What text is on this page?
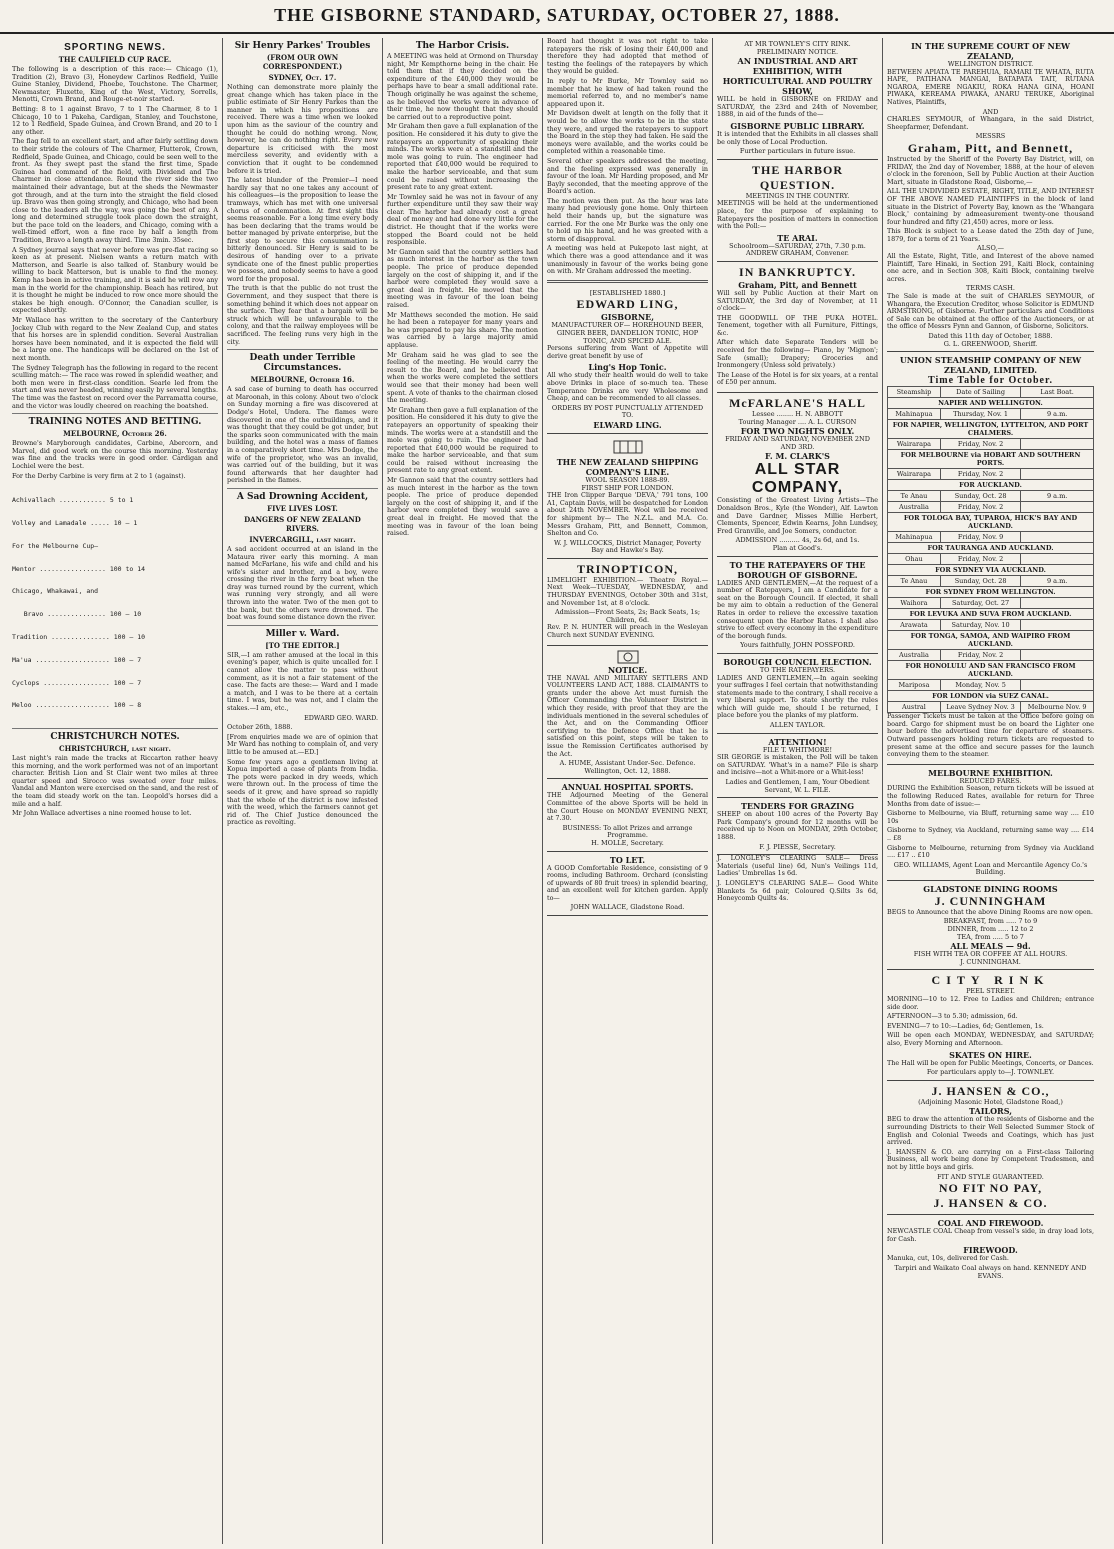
THE GISBORNE STANDARD, SATURDAY, OCTOBER 27, 1888.
SPORTING NEWS.
THE CAULFIELD CUP RACE.

The following is a description of this race:— Chicago (1), Tradition (2), Bravo (3), Honeydew Carlinos Redfield, Yuille Guine Stanley, Dividend, Phoebe, Touchstone. The Charmer, Newmaster, Fluxette, King of the West, Victory, Sorrells, Menotti, Crown Brand, and Rouge-et-noir started.

Betting: 8 to 1 against Bravo, 7 to 1 The Charmer, 8 to 1 Chicago, 10 to 1 Pakeha, Cardigan, Stanley, and Touchstone, 12 to 1 Redfield, Spade Guinea, and Crown Brand, and 20 to 1 any other.

The flag fell to an excellent start, and after fairly settling down to their stride the colours of The Charmer, Flutterok, Crown, Redfield, Spade Guinea, and Chicago, could be seen well to the front. As they swept past the stand the first time, Spade Guinea had command of the field, with Dividend and The Charmer in close attendance. Round the river side the two maintained their advantage, but at the sheds the Newmaster got through, and at the turn into the straight the field closed up. Bravo was then going strongly, and Chicago, who had been close to the leaders all the way, was going the best of any. A long and determined struggle took place down the straight, but the pace told on the leaders, and Chicago, coming with a well-timed effort, won a fine race by half a length from Tradition, Bravo a length away third. Time 3min. 35sec.

A Sydney journal says that never before was pre-flat racing so keen as at present. Nielsen wants a return match with Matterson, and Searle is also talked of. Stanbury would be willing to back Matterson, but is unable to find the money. Kemp has been in active training, and it is said he will row any man in the world for the championship. Beach has retired, but it is thought he might be induced to row once more should the stakes be high enough. O'Connor, the Canadian sculler, is expected shortly.

Mr Wallace has written to the secretary of the Canterbury Jockey Club with regard to the New Zealand Cup, and states that his horses are in splendid condition. Several Australian horses have been nominated, and it is expected the field will be a large one. The handicaps will be declared on the 1st of next month.

The Sydney Telegraph has the following in regard to the recent sculling match:— The race was rowed in splendid weather, and both men were in first-class condition. Searle led from the start and was never headed, winning easily by several lengths. The time was the fastest on record over the Parramatta course, and the victor was loudly cheered on reaching the boatshed.

TRAINING NOTES AND BETTING.
MELBOURNE, October 26.

Browne's Maryborough candidates, Carbine, Abercorn, and Marvel, did good work on the course this morning. Yesterday was fine and the tracks were in good order. Cardigan and Lochiel were the best.

For the Derby Carbine is very firm at 2 to 1 (against).

Achivallach ............ 5 to 1

Volley and Lamadale ..... 10 — 1

For the Melbourne Cup—

Mentor ................. 100 to 14

Chicago, Whakawai, and

Bravo ............... 100 — 10

Tradition ............... 100 — 10

Ma'ua ................... 100 — 7

Cyclops ................. 100 — 7

Meloo ................... 100 — 8

CHRISTCHURCH NOTES.
CHRISTCHURCH, last night.

Last night's rain made the tracks at Riccarton rather heavy this morning, and the work performed was not of an important character. British Lion and St Clair went two miles at three quarter speed and Sirocco was sweated over four miles. Vandal and Manton were exercised on the sand, and the rest of the team did steady work on the tan. Leopold's horses did a mile and a half.

Mr John Wallace advertises a nine roomed house to let.

Sir Henry Parkes' Troubles
(FROM OUR OWN CORRESPONDENT.)
SYDNEY, Oct. 17.

Nothing can demonstrate more plainly the great change which has taken place in the public estimate of Sir Henry Parkes than the manner in which his propositions are received. There was a time when we looked upon him as the saviour of the country and thought he could do nothing wrong. Now, however, he can do nothing right. Every new departure is criticised with the most merciless severity, and evidently with a conviction that it ought to be condemned before it is tried.

The latest blunder of the Premier—I need hardly say that no one takes any account of his colleagues—is the proposition to lease the tramways, which has met with one universal chorus of condemnation. At first sight this seems reasonable. For a long time every body has been declaring that the trams would be better managed by private enterprise, but the first step to secure this consummation is bitterly denounced. Sir Henry is said to be desirous of handing over to a private syndicate one of the finest public properties we possess, and nobody seems to have a good word for the proposal.

The truth is that the public do not trust the Government, and they suspect that there is something behind it which does not appear on the surface. They fear that a bargain will be struck which will be unfavourable to the colony, and that the railway employees will be sacrificed. The feeling runs very high in the city.

Death under Terrible Circumstances.
MELBOURNE, October 16.

A sad case of burning to death has occurred at Maroonah, in this colony. About two o'clock on Sunday morning a fire was discovered at Dodge's Hotel, Undera. The flames were discovered in one of the outbuildings, and it was thought that they could be got under, but the sparks soon communicated with the main building, and the hotel was a mass of flames in a comparatively short time. Mrs Dodge, the wife of the proprietor, who was an invalid, was carried out of the building, but it was found afterwards that her daughter had perished in the flames.

A Sad Drowning Accident,
FIVE LIVES LOST.
DANGERS OF NEW ZEALAND RIVERS.
INVERCARGILL, last night.

A sad accident occurred at an island in the Mataura river early this morning. A man named McFarlane, his wife and child and his wife's sister and brother, and a boy, were crossing the river in the ferry boat when the dray was turned round by the current, which was running very strongly, and all were thrown into the water. Two of the men got to the bank, but the others were drowned. The boat was found some distance down the river.

Miller v. Ward.
[TO THE EDITOR.]

SIR,—I am rather amused at the local in this evening's paper, which is quite uncalled for. I cannot allow the matter to pass without comment, as it is not a fair statement of the case. The facts are these:— Ward and I made a match, and I was to be there at a certain time. I was, but he was not, and I claim the stakes.—I am, etc.,

EDWARD GEO. WARD.

October 26th, 1888.

[From enquiries made we are of opinion that Mr Ward has nothing to complain of, and very little to be amused at.—ED.]

Some few years ago a gentleman living at Kopua imported a case of plants from India. The pots were packed in dry weeds, which were thrown out. In the process of time the seeds of it grew, and have spread so rapidly that the whole of the district is now infested with the weed, which the farmers cannot get rid of. The Chief Justice denounced the practice as revolting.

The Harbor Crisis.

A MEETING was held at Ormond on Thursday night, Mr Kempthorne being in the chair. He told them that if they decided on the expenditure of the £40,000 they would be perhaps have to bear a small additional rate. Though originally he was against the scheme, as he believed the works were in advance of their time, he now thought that they should be carried out to a reproductive point.

Mr Graham then gave a full explanation of the position. He considered it his duty to give the ratepayers an opportunity of speaking their minds. The works were at a standstill and the mole was going to ruin. The engineer had reported that £40,000 would be required to make the harbor serviceable, and that sum could be raised without increasing the present rate to any great extent.

Mr Townley said he was not in favour of any further expenditure until they saw their way clear. The harbor had already cost a great deal of money and had done very little for the district. He thought that if the works were stopped the Board could not be held responsible.

Mr Gannon said that the country settlers had as much interest in the harbor as the town people. The price of produce depended largely on the cost of shipping it, and if the harbor were completed they would save a great deal in freight. He moved that the meeting was in favour of the loan being raised.

Mr Matthews seconded the motion. He said he had been a ratepayer for many years and he was prepared to pay his share. The motion was carried by a large majority amid applause.

Mr Graham said he was glad to see the feeling of the meeting. He would carry the result to the Board, and he believed that when the works were completed the settlers would see that their money had been well spent. A vote of thanks to the chairman closed the meeting.

Mr Graham then gave a full explanation of the position. He considered it his duty to give the ratepayers an opportunity of speaking their minds. The works were at a standstill and the mole was going to ruin. The engineer had reported that £40,000 would be required to make the harbor serviceable, and that sum could be raised without increasing the present rate to any great extent.

Mr Gannon said that the country settlers had as much interest in the harbor as the town people. The price of produce depended largely on the cost of shipping it, and if the harbor were completed they would save a great deal in freight. He moved that the meeting was in favour of the loan being raised.

Board had thought it was not right to take ratepayers the risk of losing their £40,000 and therefore they had adopted that method of testing the feelings of the ratepayers by which they would be guided.

In reply to Mr Burke, Mr Townley said no member that he knew of had taken round the memorial referred to, and no member's name appeared upon it.

Mr Davidson dwelt at length on the folly that it would be to allow the works to be in the state they were, and urged the ratepayers to support the Board in the step they had taken. He said the moneys were available, and the works could be completed within a reasonable time.

Several other speakers addressed the meeting, and the feeling expressed was generally in favour of the loan. Mr Harding proposed, and Mr Bayly seconded, that the meeting approve of the Board's action.

The motion was then put. As the hour was late many had previously gone home. Only thirteen held their hands up, but the signature was carried. For the one Mr Burke was the only one to hold up his hand, and he was greeted with a storm of disapproval.

A meeting was held at Pukepoto last night, at which there was a good attendance and it was unanimously in favour of the works being gone on with. Mr Graham addressed the meeting.

[ESTABLISHED 1880.]
EDWARD LING,
GISBORNE,
MANUFACTURER OF— HOREHOUND BEER, GINGER BEER, DANDELION TONIC, HOP TONIC, AND SPICED ALE.

Persons suffering from Want of Appetite will derive great benefit by use of

Ling's Hop Tonic.

All who study their health would do well to take above Drinks in place of so-much tea. These Temperance Drinks are very Wholesome and Cheap, and can be recommended to all classes.

ORDERS BY POST PUNCTUALLY ATTENDED TO.
ELWARD LING.
THE NEW ZEALAND SHIPPING COMPANY'S LINE.
WOOL SEASON 1888-89.
FIRST SHIP FOR LONDON.

THE Iron Clipper Barque 'DEVA,' 791 tons, 100 A1, Captain Davis, will be despatched for London about 24th NOVEMBER. Wool will be received for shipment by— The N.Z.L. and M.A. Co. Messrs Graham, Pitt, and Bennett, Common, Shelton and Co.

W. J. WILLCOCKS, District Manager, Poverty Bay and Hawke's Bay.
TRINOPTICON,

LIMELIGHT EXHIBITION.— Theatre Royal.—Next Week—TUESDAY, WEDNESDAY, and THURSDAY EVENINGS, October 30th and 31st, and November 1st, at 8 o'clock.

Admission—Front Seats, 2s; Back Seats, 1s; Children, 6d.

Rev. P. N. HUNTER will preach in the Wesleyan Church next SUNDAY EVENING.

NOTICE.

THE NAVAL AND MILITARY SETTLERS AND VOLUNTEERS LAND ACT, 1888. CLAIMANTS to grants under the above Act must furnish the Officer Commanding the Volunteer District in which they reside, with proof that they are the individuals mentioned in the several schedules of the Act, and on the Commanding Officer certifying to the Defence Office that he is satisfied on this point, steps will be taken to issue the Remission Certificates authorised by the Act.

A. HUME, Assistant Under-Sec. Defence. Wellington, Oct. 12, 1888.
ANNUAL HOSPITAL SPORTS.

THE Adjourned Meeting of the General Committee of the above Sports will be held in the Court House on MONDAY EVENING NEXT, at 7.30.

BUSINESS: To allot Prizes and arrange Programme.
H. MOLLE, Secretary.
TO LET.

A GOOD Comfortable Residence, consisting of 9 rooms, including Bathroom. Orchard (consisting of upwards of 80 fruit trees) in splendid bearing, and an excellent well for kitchen garden. Apply to—

JOHN WALLACE, Gladstone Road.
AT MR TOWNLEY'S CITY RINK.
PRELIMINARY NOTICE.
AN INDUSTRIAL AND ART EXHIBITION, WITH HORTICULTURAL AND POULTRY SHOW,

WILL be held in GISBORNE on FRIDAY and SATURDAY, the 23rd and 24th of November, 1888, in aid of the funds of the—

GISBORNE PUBLIC LIBRARY.

It is intended that the Exhibits in all classes shall be only those of Local Production.

Further particulars in future issue.
THE HARBOR QUESTION.
MEETINGS IN THE COUNTRY.

MEETINGS will be held at the undermentioned place, for the purpose of explaining to Ratepayers the position of matters in connection with the Poll:—

TE ARAI.
Schoolroom—SATURDAY, 27th, 7.30 p.m.
ANDREW GRAHAM, Convener.
IN BANKRUPTCY.
Graham, Pitt, and Bennett

Will sell by Public Auction at their Mart on SATURDAY, the 3rd day of November, at 11 o'clock—

THE GOODWILL OF THE PUKA HOTEL. Tenement, together with all Furniture, Fittings, &c.

After which date Separate Tenders will be received for the following— Piano, by 'Mignon'; Safe (small); Drapery; Groceries and Ironmongery (Unless sold privately.)

The Lease of the Hotel is for six years, at a rental of £50 per annum.

McFARLANE'S HALL
Lessee ........ H. N. ABBOTT
Touring Manager .... A. L. CURSON
FOR TWO NIGHTS ONLY.
FRIDAY AND SATURDAY, NOVEMBER 2ND AND 3RD.
F. M. CLARK'S
ALL STAR COMPANY,

Consisting of the Greatest Living Artists—The Donaldson Bros., Kyle (the Wonder), Alf. Lawton and Dave Gardner, Misses Millie Herbert, Clements, Spencer, Edwin Kearns, John Lundsey, Fred Granville, and Joe Somers, conductor.

ADMISSION .......... 4s, 2s 6d, and 1s.
Plan at Good's.
TO THE RATEPAYERS OF THE BOROUGH OF GISBORNE.

LADIES AND GENTLEMEN,—At the request of a number of Ratepayers, I am a Candidate for a seat on the Borough Council. If elected, it shall be my aim to obtain a reduction of the General Rates in order to relieve the excessive taxation consequent upon the Harbor Rates. I shall also strive to effect every economy in the expenditure of the borough funds.

Yours faithfully, JOHN POSSFORD.
BOROUGH COUNCIL ELECTION.
TO THE RATEPAYERS.

LADIES AND GENTLEMEN,—In again seeking your suffrages I feel certain that notwithstanding statements made to the contrary, I shall receive a very liberal support. To state shortly the rules which will guide me, should I be returned, I place before you the planks of my platform.

ALLEN TAYLOR.
ATTENTION!
FILE T. WHITMORE!

SIR GEORGE is mistaken, the Poll will be taken on SATURDAY. 'What's in a name?' File is sharp and incisive—not a Whit-more or a Whit-less!

Ladies and Gentlemen, I am, Your Obedient Servant, W. L. FILE.
TENDERS FOR GRAZING

SHEEP on about 100 acres of the Poverty Bay Park Company's ground for 12 months will be received up to Noon on MONDAY, 29th October, 1888.

F. J. PIESSE, Secretary.

J. LONGLEY'S CLEARING SALE— Dress Materials (useful line) 6d, Nun's Veilings 11d, Ladies' Umbrellas 1s 6d.

J. LONGLEY'S CLEARING SALE— Good White Blankets 5s 6d pair, Coloured Q.Silts 3s 6d, Honeycomb Quilts 4s.

IN THE SUPREME COURT OF NEW ZEALAND,
WELLINGTON DISTRICT.

BETWEEN APIATA TE PAREHUIA, RAMARI TE WHATA, RUTA HAPE, PATIHANA MANGAI, BATAPATA TAIT, RUTANA NGAROA, EMERE NGAKIU, ROKA HANA GINA, HOANI PIWAKA, KEREAMA PIWAKA, ANARU TERUKE, Aboriginal Natives, Plaintiffs,

AND

CHARLES SEYMOUR, of Whangara, in the said District, Sheepfarmer, Defendant.

MESSRS
Graham, Pitt, and Bennett,

Instructed by the Sheriff of the Poverty Bay District, will, on FRIDAY, the 2nd day of November, 1888, at the hour of eleven o'clock in the forenoon, Sell by Public Auction at their Auction Mart, situate in Gladstone Road, Gisborne,—

ALL THE UNDIVIDED ESTATE, RIGHT, TITLE, AND INTEREST OF THE ABOVE NAMED PLAINTIFFS in the block of land situate in the District of Poverty Bay, known as the 'Whangara Block,' containing by admeasurement twenty-one thousand four hundred and fifty (21,450) acres, more or less.

This Block is subject to a Lease dated the 25th day of June, 1879, for a term of 21 Years.

ALSO,—

All the Estate, Right, Title, and Interest of the above named Plaintiff, Tare Hinaki, in Section 291, Kaiti Block, containing one acre, and in Section 308, Kaiti Block, containing twelve acres.

TERMS CASH.

The Sale is made at the suit of CHARLES SEYMOUR, of Whangara, the Execution Creditor, whose Solicitor is EDMUND ARMSTRONG, of Gisborne. Further particulars and Conditions of Sale can be obtained at the office of the Auctioneers, or at the office of Messrs Fynn and Gannon, of Gisborne, Solicitors.

Dated this 11th day of October, 1888.
G. L. GREENWOOD, Sheriff.
UNION STEAMSHIP COMPANY OF NEW ZEALAND, LIMITED.
Time Table for October.
Steamship	Date of Sailing	Last Boat.
NAPIER AND WELLINGTON.		
Mahinapua	Thursday, Nov. 1	9 a.m.
FOR NAPIER, WELLINGTON, LYTTELTON, AND PORT CHALMERS.		
Wairarapa	Friday, Nov. 2	
FOR MELBOURNE via HOBART AND SOUTHERN PORTS.		
Wairarapa	Friday, Nov. 2	
FOR AUCKLAND.		
Te Anau	Sunday, Oct. 28	9 a.m.
Australia	Friday, Nov. 2	
FOR TOLOGA BAY, TUPAROA, HICK'S BAY AND AUCKLAND.		
Mahinapua	Friday, Nov. 9	
FOR TAURANGA AND AUCKLAND.		
Ohau	Friday, Nov. 2	
FOR SYDNEY VIA AUCKLAND.		
Te Anau	Sunday, Oct. 28	9 a.m.
FOR SYDNEY FROM WELLINGTON.		
Waihora	Saturday, Oct. 27	
FOR LEVUKA AND SUVA FROM AUCKLAND.		
Arawata	Saturday, Nov. 10	
FOR TONGA, SAMOA, AND WAIPIRO FROM AUCKLAND.		
Australia	Friday, Nov. 2	
FOR HONOLULU AND SAN FRANCISCO FROM AUCKLAND.		
Mariposa	Monday, Nov. 5	
FOR LONDON via SUEZ CANAL.		
Austral	Leave Sydney Nov. 3	Melbourne Nov. 9

Passenger Tickets must be taken at the Office before going on board. Cargo for shipment must be on board the Lighter one hour before the advertised time for departure of steamers. Outward passengers holding return tickets are requested to present same at the office and secure passes for the launch conveying them to the steamer.

MELBOURNE EXHIBITION.
REDUCED FARES.

DURING the Exhibition Season, return tickets will be issued at the following Reduced Rates, available for return for Three Months from date of issue:—

Gisborne to Melbourne, via Bluff, returning same way .... £10 10s

Gisborne to Sydney, via Auckland, returning same way .... £14 .. £8

Gisborne to Melbourne, returning from Sydney via Auckland .... £17 .. £10

GEO. WILLIAMS, Agent Loan and Mercantile Agency Co.'s Building.
GLADSTONE DINING ROOMS
J. CUNNINGHAM

BEGS to Announce that the above Dining Rooms are now open.

BREAKFAST, from ..... 7 to 9
DINNER, from ..... 12 to 2
TEA, from ..... 5 to 7
ALL MEALS — 9d.
FISH WITH TEA OR COFFEE AT ALL HOURS.
J. CUNNINGHAM.
CITY RINK
PEEL STREET.

MORNING—10 to 12. Free to Ladies and Children; entrance side door.

AFTERNOON—3 to 5.30; admission, 6d.

EVENING—7 to 10:—Ladies, 6d; Gentlemen, 1s.

Will be open each MONDAY, WEDNESDAY, and SATURDAY; also, Every Morning and Afternoon.

SKATES ON HIRE.

The Hall will be open for Public Meetings, Concerts, or Dances.

For particulars apply to—J. TOWNLEY.
J. HANSEN & CO.,
(Adjoining Masonic Hotel, Gladstone Road,)
TAILORS,

BEG to draw the attention of the residents of Gisborne and the surrounding Districts to their Well Selected Summer Stock of English and Colonial Tweeds and Coatings, which has just arrived.

J. HANSEN & CO. are carrying on a First-class Tailoring Business, all work being done by Competent Tradesmen, and not by little boys and girls.

FIT AND STYLE GUARANTEED.
NO FIT NO PAY,
J. HANSEN & CO.
COAL AND FIREWOOD.

NEWCASTLE COAL Cheap from vessel's side, in dray load lots, for Cash.

FIREWOOD.

Manuka, cut, 10s, delivered for Cash.

Tarpiri and Waikato Coal always on hand. KENNEDY AND EVANS.
